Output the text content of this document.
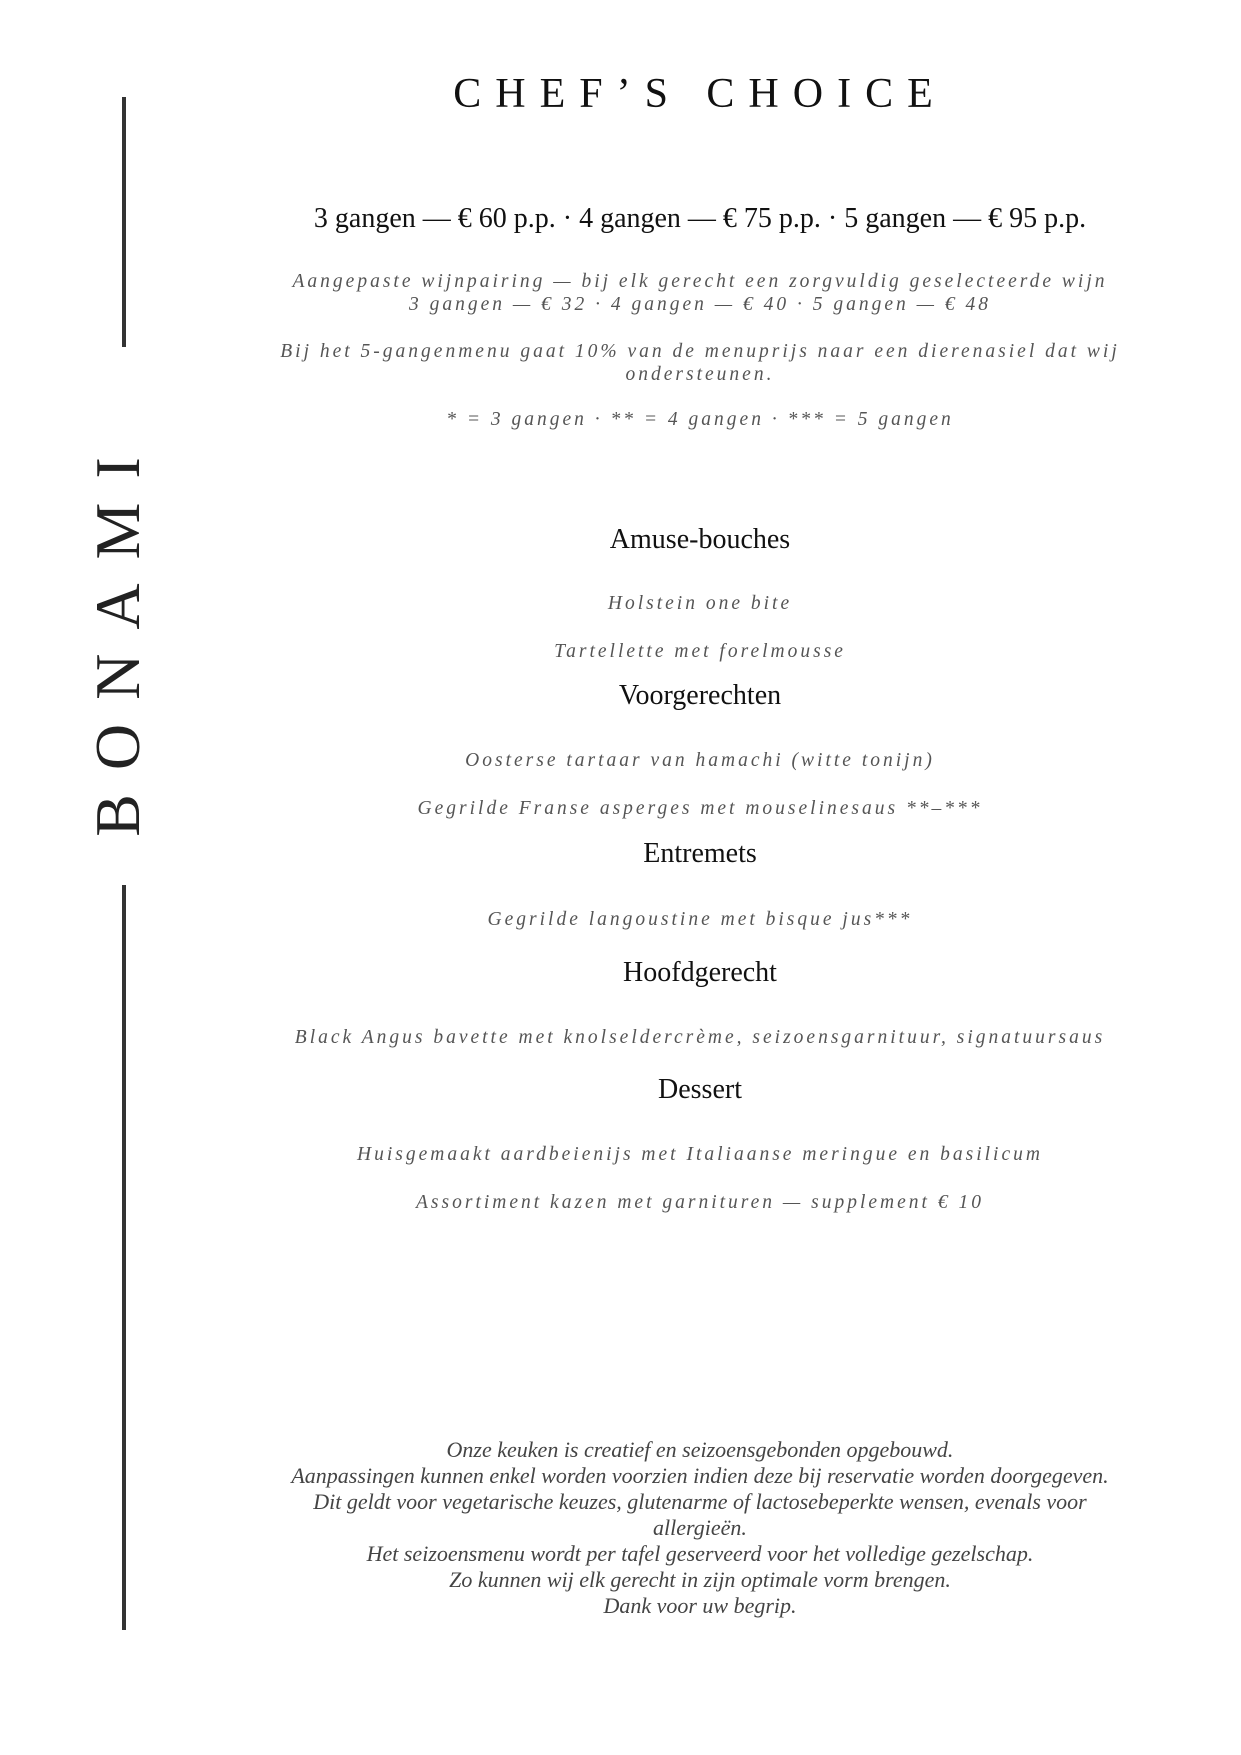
BONAMI
CHEF’S CHOICE
3 gangen — € 60 p.p. · 4 gangen — € 75 p.p. · 5 gangen — € 95 p.p.
Aangepaste wijnpairing — bij elk gerecht een zorgvuldig geselecteerde wijn
3 gangen — € 32 · 4 gangen — € 40 · 5 gangen — € 48
Bij het 5-gangenmenu gaat 10% van de menuprijs naar een dierenasiel dat wij ondersteunen.
* = 3 gangen · ** = 4 gangen · *** = 5 gangen
Amuse-bouches
Holstein one bite
Tartellette met forelmousse
Voorgerechten
Oosterse tartaar van hamachi (witte tonijn)
Gegrilde Franse asperges met mouselinesaus **–***
Entremets
Gegrilde langoustine met bisque jus***
Hoofdgerecht
Black Angus bavette met knolseldercrème, seizoensgarnituur, signatuursaus
Dessert
Huisgemaakt aardbeienijs met Italiaanse meringue en basilicum
Assortiment kazen met garnituren — supplement € 10
Onze keuken is creatief en seizoensgebonden opgebouwd.
Aanpassingen kunnen enkel worden voorzien indien deze bij reservatie worden doorgegeven.
Dit geldt voor vegetarische keuzes, glutenarme of lactosebeperkte wensen, evenals voor allergieën.
Het seizoensmenu wordt per tafel geserveerd voor het volledige gezelschap.
Zo kunnen wij elk gerecht in zijn optimale vorm brengen.
Dank voor uw begrip.
